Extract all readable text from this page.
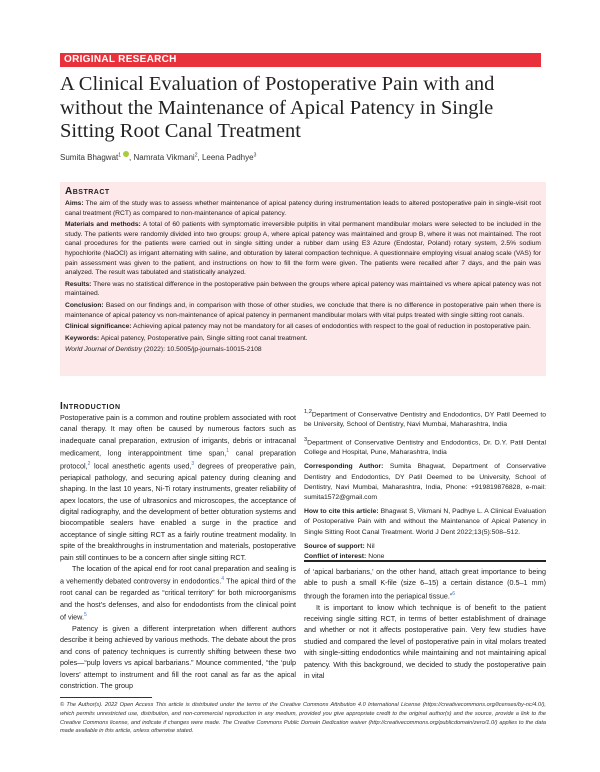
ORIGINAL RESEARCH
A Clinical Evaluation of Postoperative Pain with and without the Maintenance of Apical Patency in Single Sitting Root Canal Treatment
Sumita Bhagwat$^1$ , Namrata Vikmani$^2$, Leena Padhye$^3$
Abstract

Aims: The aim of the study was to assess whether maintenance of apical patency during instrumentation leads to altered postoperative pain in single-visit root canal treatment (RCT) as compared to non-maintenance of apical patency.

Materials and methods: A total of 60 patients with symptomatic irreversible pulpitis in vital permanent mandibular molars were selected to be included in the study. The patients were randomly divided into two groups: group A, where apical patency was maintained and group B, where it was not maintained. The root canal procedures for the patients were carried out in single sitting under a rubber dam using E3 Azure (Endostar, Poland) rotary system, 2.5% sodium hypochlorite (NaOCl) as irrigant alternating with saline, and obturation by lateral compaction technique. A questionnaire employing visual analog scale (VAS) for pain assessment was given to the patient, and instructions on how to fill the form were given. The patients were recalled after 7 days, and the pain was analyzed. The result was tabulated and statistically analyzed.

Results: There was no statistical difference in the postoperative pain between the groups where apical patency was maintained vs where apical patency was not maintained.

Conclusion: Based on our findings and, in comparison with those of other studies, we conclude that there is no difference in postoperative pain when there is maintenance of apical patency vs non-maintenance of apical patency in permanent mandibular molars with vital pulps treated with single sitting root canals.

Clinical significance: Achieving apical patency may not be mandatory for all cases of endodontics with respect to the goal of reduction in postoperative pain.

Keywords: Apical patency, Postoperative pain, Single sitting root canal treatment.

World Journal of Dentistry (2022): 10.5005/jp-journals-10015-2108

Introduction

Postoperative pain is a common and routine problem associated with root canal therapy. It may often be caused by numerous factors such as inadequate canal preparation, extrusion of irrigants, debris or intracanal medicament, long interappointment time span,$^1$ canal preparation protocol,$^2$ local anesthetic agents used,$^3$ degrees of preoperative pain, periapical pathology, and securing apical patency during cleaning and shaping. In the last 10 years, Ni-Ti rotary instruments, greater reliability of apex locators, the use of ultrasonics and microscopes, the acceptance of digital radiography, and the development of better obturation systems and biocompatible sealers have enabled a surge in the practice and acceptance of single sitting RCT as a fairly routine treatment modality. In spite of the breakthroughs in instrumentation and materials, postoperative pain still continues to be a concern after single sitting RCT.

The location of the apical end for root canal preparation and sealing is a vehemently debated controversy in endodontics.$^4$ The apical third of the root canal can be regarded as “critical territory” for both microorganisms and the host’s defenses, and also for endodontists from the clinical point of view.$^5$

Patency is given a different interpretation when different authors describe it being achieved by various methods. The debate about the pros and cons of patency techniques is currently shifting between these two poles—“pulp lovers vs apical barbarians.” Mounce commented, “the ‘pulp lovers’ attempt to instrument and fill the root canal as far as the apical constriction. The group

$^{1,2}$Department of Conservative Dentistry and Endodontics, DY Patil Deemed to be University, School of Dentistry, Navi Mumbai, Maharashtra, India

$^3$Department of Conservative Dentistry and Endodontics, Dr. D.Y. Patil Dental College and Hospital, Pune, Maharashtra, India

Corresponding Author: Sumita Bhagwat, Department of Conservative Dentistry and Endodontics, DY Patil Deemed to be University, School of Dentistry, Navi Mumbai, Maharashtra, India, Phone: +919819876828, e-mail: sumita1572@gmail.com

How to cite this article: Bhagwat S, Vikmani N, Padhye L. A Clinical Evaluation of Postoperative Pain with and without the Maintenance of Apical Patency in Single Sitting Root Canal Treatment. World J Dent 2022;13(5):508–512.

Source of support: Nil

Conflict of interest: None

of ‘apical barbarians,’ on the other hand, attach great importance to being able to push a small K-file (size 6–15) a certain distance (0.5–1 mm) through the foramen into the periapical tissue.”$^6$

It is important to know which technique is of benefit to the patient receiving single sitting RCT, in terms of better establishment of drainage and whether or not it affects postoperative pain. Very few studies have studied and compared the level of postoperative pain in vital molars treated with single-sitting endodontics while maintaining and not maintaining apical patency. With this background, we decided to study the postoperative pain in vital

© The Author(s). 2022 Open Access This article is distributed under the terms of the Creative Commons Attribution 4.0 International License (https://creativecommons.org/licenses/by-nc/4.0/), which permits unrestricted use, distribution, and non-commercial reproduction in any medium, provided you give appropriate credit to the original author(s) and the source, provide a link to the Creative Commons license, and indicate if changes were made. The Creative Commons Public Domain Dedication waiver (http://creativecommons.org/publicdomain/zero/1.0/) applies to the data made available in this article, unless otherwise stated.
